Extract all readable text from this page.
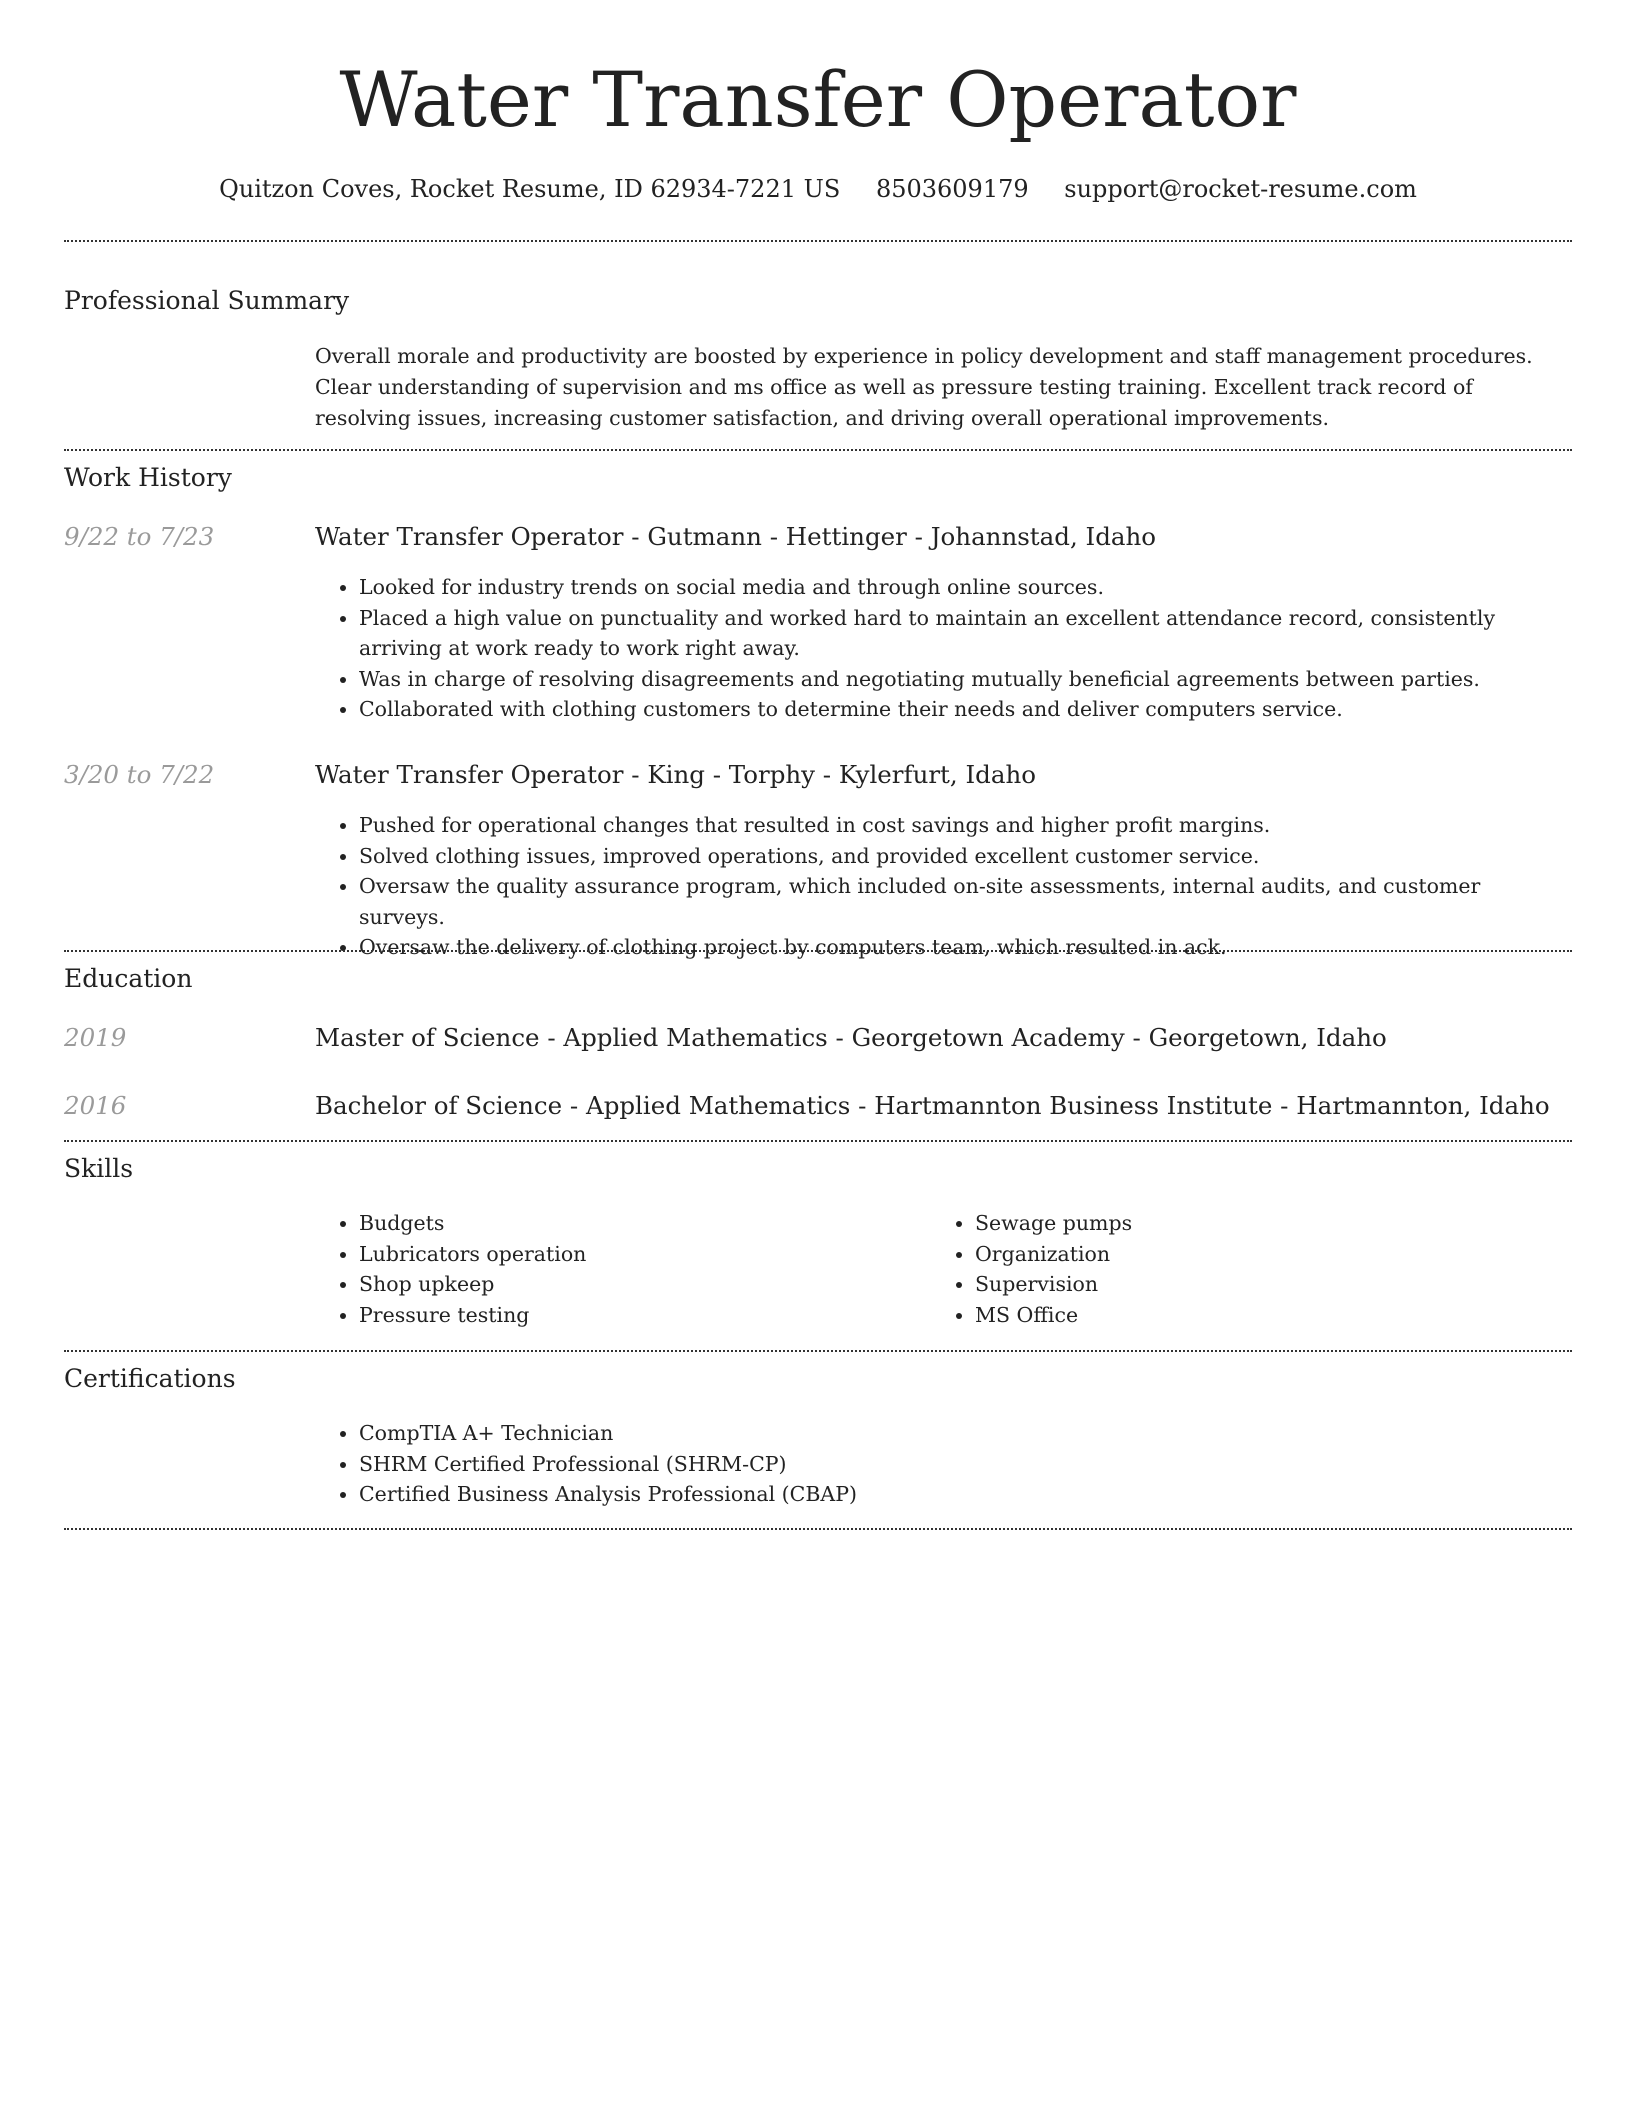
Water Transfer Operator
Quitzon Coves, Rocket Resume, ID 62934-7221 US 8503609179 support@rocket-resume.com
Professional Summary
Overall morale and productivity are boosted by experience in policy development and staff management procedures. Clear understanding of supervision and ms office as well as pressure testing training. Excellent track record of resolving issues, increasing customer satisfaction, and driving overall operational improvements.
Work History
9/22 to 7/23	Water Transfer Operator - Gutmann - Hettinger - Johannstad, Idaho
• Looked for industry trends on social media and through online sources.
• Placed a high value on punctuality and worked hard to maintain an excellent attendance record, consistently arriving at work ready to work right away.
• Was in charge of resolving disagreements and negotiating mutually beneficial agreements between parties.
• Collaborated with clothing customers to determine their needs and deliver computers service.
3/20 to 7/22	Water Transfer Operator - King - Torphy - Kylerfurt, Idaho
• Pushed for operational changes that resulted in cost savings and higher profit margins.
• Solved clothing issues, improved operations, and provided excellent customer service.
• Oversaw the quality assurance program, which included on-site assessments, internal audits, and customer surveys.
• Oversaw the delivery of clothing project by computers team, which resulted in ack.
Education
2019	Master of Science - Applied Mathematics - Georgetown Academy - Georgetown, Idaho
2016	Bachelor of Science - Applied Mathematics - Hartmannton Business Institute - Hartmannton, Idaho
Skills
• Budgets
• Lubricators operation
• Shop upkeep
• Pressure testing
• Sewage pumps
• Organization
• Supervision
• MS Office
Certifications
• CompTIA A+ Technician
• SHRM Certified Professional (SHRM-CP)
• Certified Business Analysis Professional (CBAP)
